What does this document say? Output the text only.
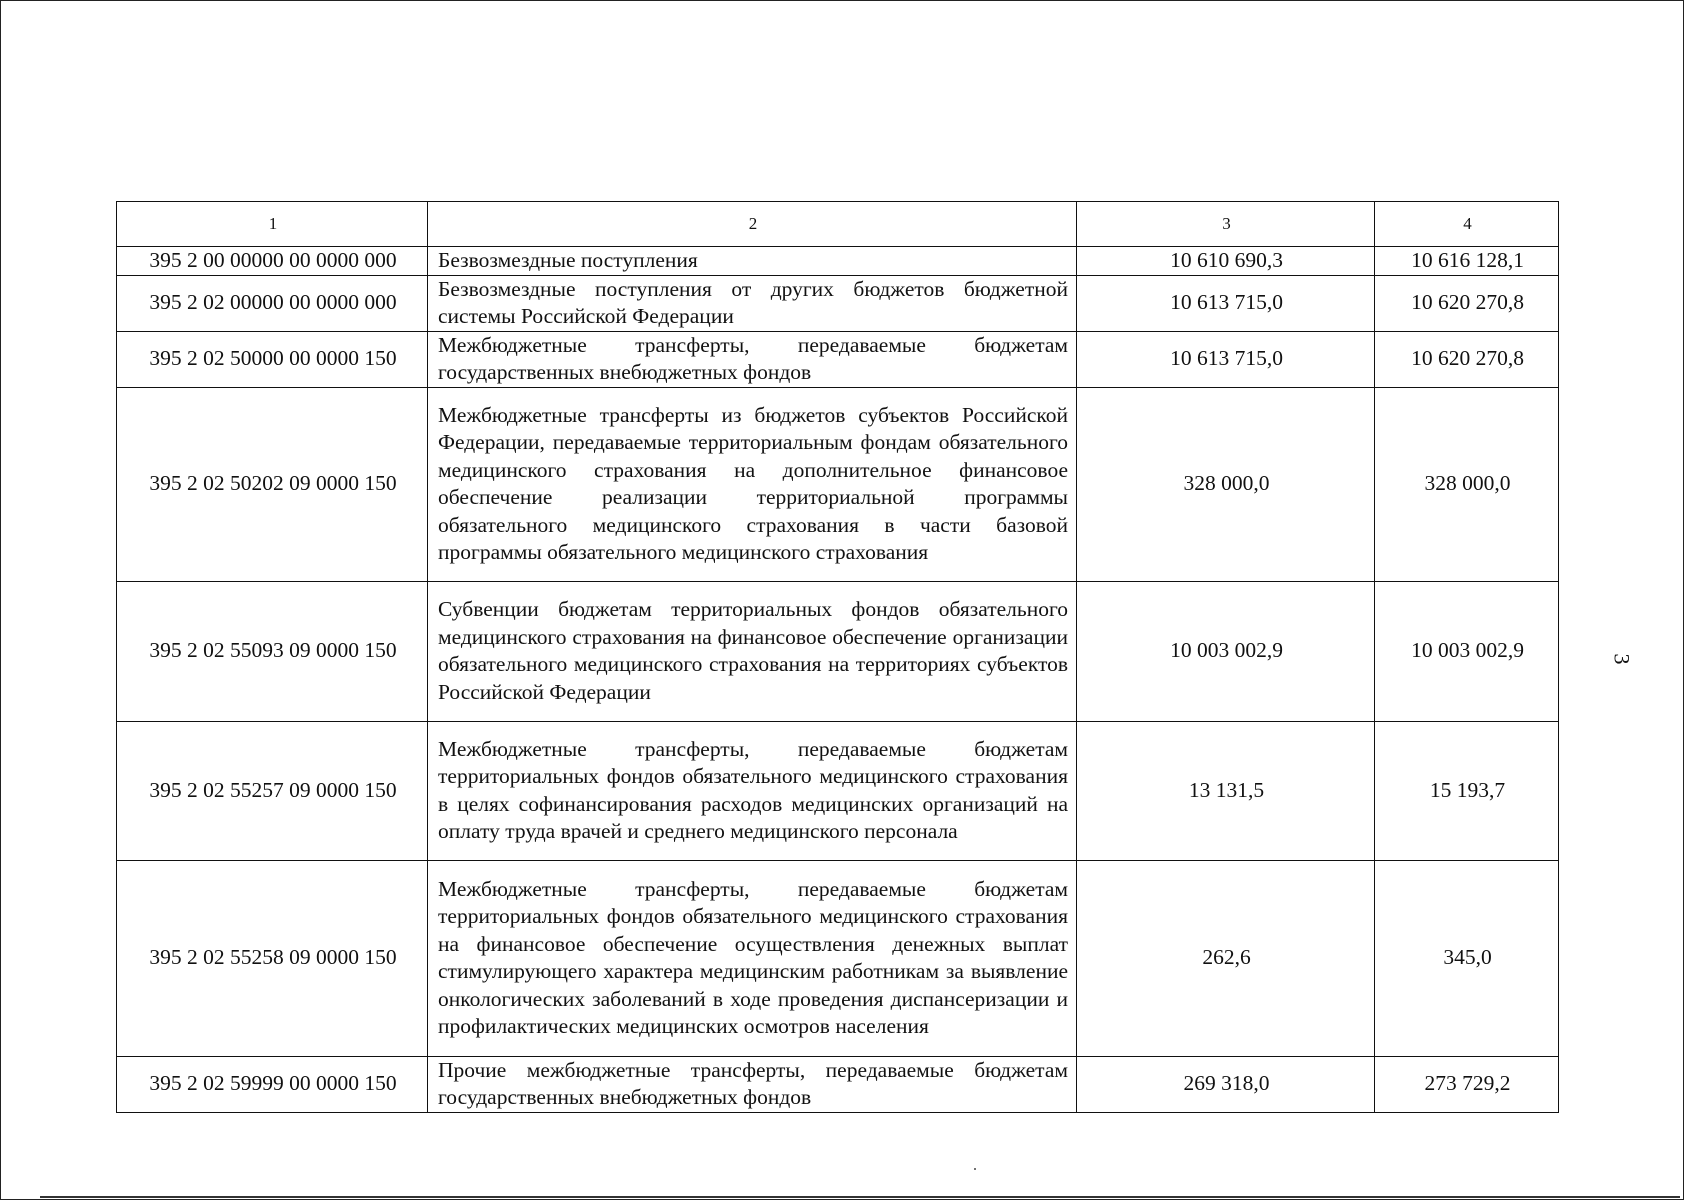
1	2	3	4
395 2 00 00000 00 0000 000	Безвозмездные поступления	10 610 690,3	10 616 128,1
395 2 02 00000 00 0000 000	Безвозмездные поступления от других бюджетов бюджетной системы Российской Федерации	10 613 715,0	10 620 270,8
395 2 02 50000 00 0000 150	Межбюджетные трансферты, передаваемые бюджетам государственных внебюджетных фондов	10 613 715,0	10 620 270,8
395 2 02 50202 09 0000 150	Межбюджетные трансферты из бюджетов субъектов Российской Федерации, передаваемые территориальным фондам обязательного медицинского страхования на дополнительное финансовое обеспечение реализации территориальной программы обязательного медицинского страхования в части базовой программы обязательного медицинского страхования	328 000,0	328 000,0
395 2 02 55093 09 0000 150	Субвенции бюджетам территориальных фондов обязательного медицинского страхования на финансовое обеспечение организации обязательного медицинского страхования на территориях субъектов Российской Федерации	10 003 002,9	10 003 002,9
395 2 02 55257 09 0000 150	Межбюджетные трансферты, передаваемые бюджетам территориальных фондов обязательного медицинского страхования в целях софинансирования расходов медицинских организаций на оплату труда врачей и среднего медицинского персонала	13 131,5	15 193,7
395 2 02 55258 09 0000 150	Межбюджетные трансферты, передаваемые бюджетам территориальных фондов обязательного медицинского страхования на финансовое обеспечение осуществления денежных выплат стимулирующего характера медицинским работникам за выявление онкологических заболеваний в ходе проведения диспансеризации и профилактических медицинских осмотров населения	262,6	345,0
395 2 02 59999 00 0000 150	Прочие межбюджетные трансферты, передаваемые бюджетам государственных внебюджетных фондов	269 318,0	273 729,2
3
